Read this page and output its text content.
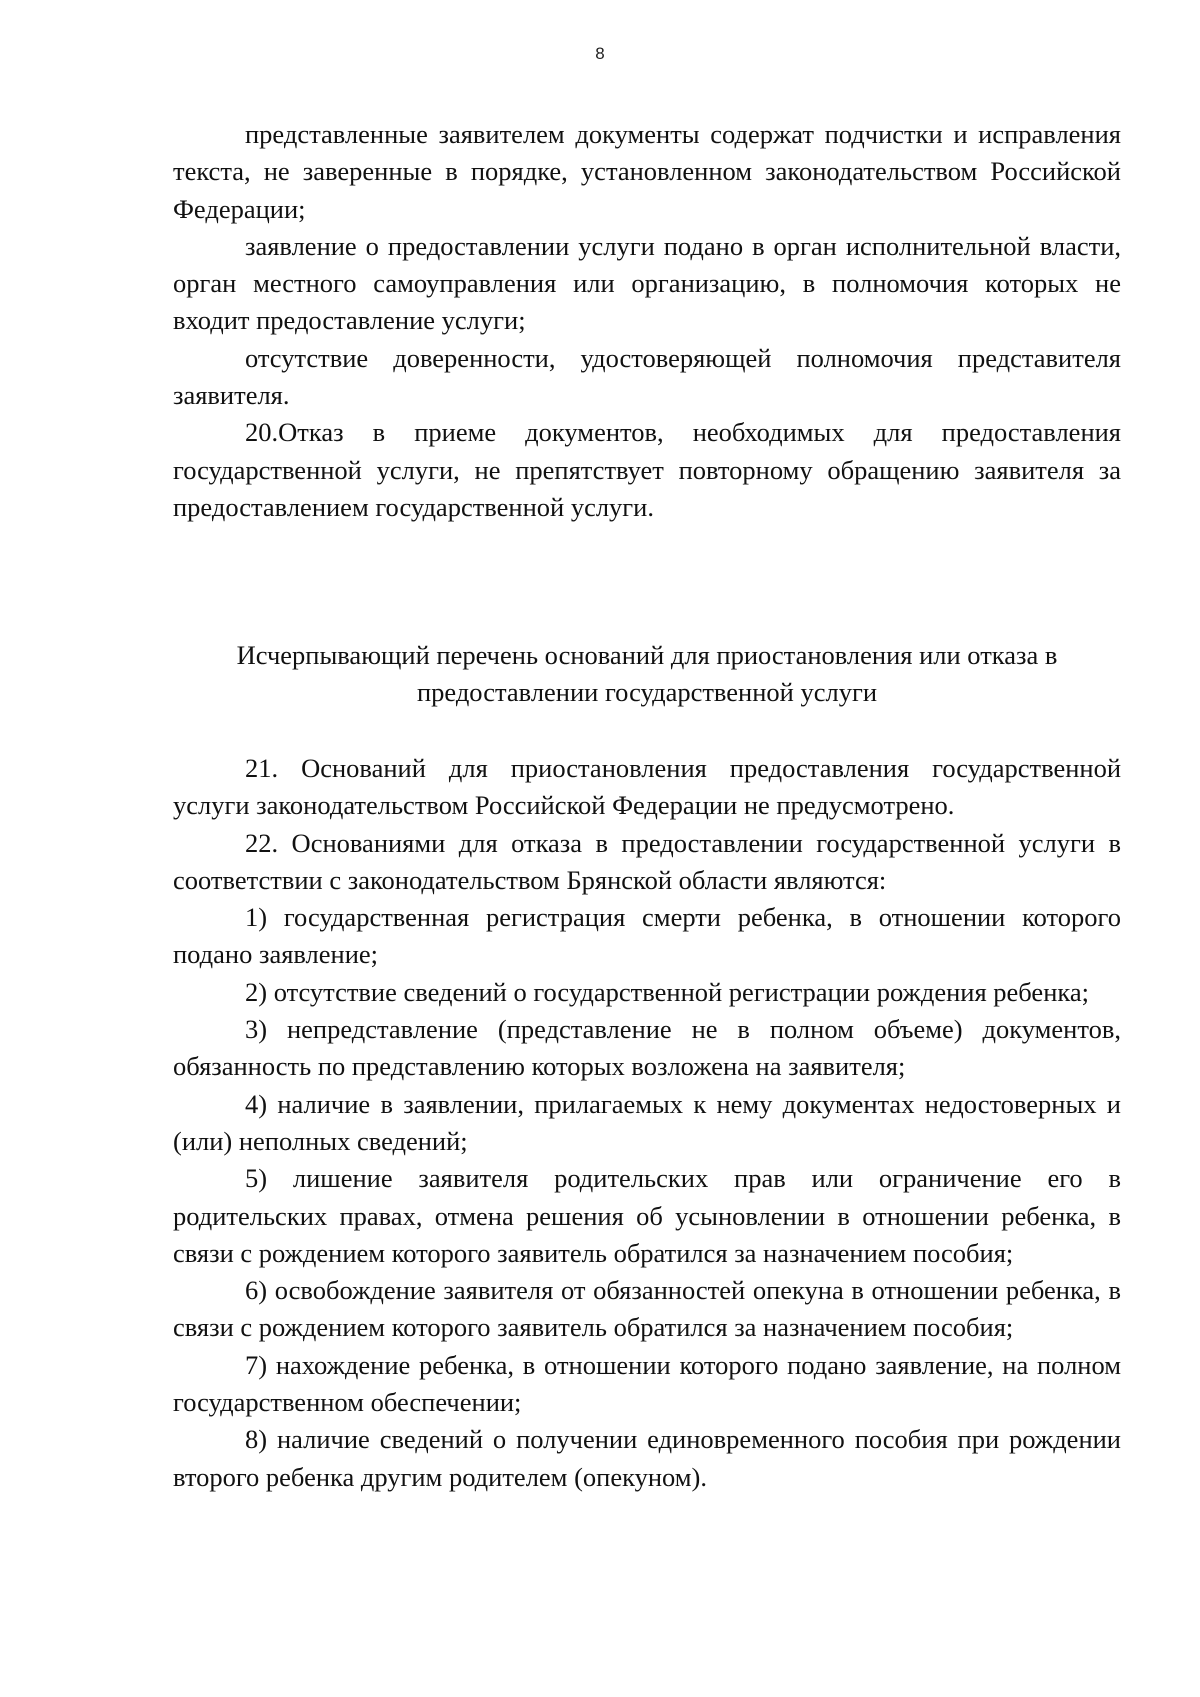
8

представленные заявителем документы содержат подчистки и исправления текста, не заверенные в порядке, установленном законодательством Российской Федерации;

заявление о предоставлении услуги подано в орган исполнительной власти, орган местного самоуправления или организацию, в полномочия которых не входит предоставление услуги;

отсутствие доверенности, удостоверяющей полномочия представителя заявителя.

20.Отказ в приеме документов, необходимых для предоставления государственной услуги, не препятствует повторному обращению заявителя за предоставлением государственной услуги.

Исчерпывающий перечень оснований для приостановления или отказа в
предоставлении государственной услуги

21. Оснований для приостановления предоставления государственной услуги законодательством Российской Федерации не предусмотрено.

22. Основаниями для отказа в предоставлении государственной услуги в соответствии с законодательством Брянской области являются:

1) государственная регистрация смерти ребенка, в отношении которого подано заявление;

2) отсутствие сведений о государственной регистрации рождения ребенка;

3) непредставление (представление не в полном объеме) документов, обязанность по представлению которых возложена на заявителя;

4) наличие в заявлении, прилагаемых к нему документах недостоверных и (или) неполных сведений;

5) лишение заявителя родительских прав или ограничение его в родительских правах, отмена решения об усыновлении в отношении ребенка, в связи с рождением которого заявитель обратился за назначением пособия;

6) освобождение заявителя от обязанностей опекуна в отношении ребенка, в связи с рождением которого заявитель обратился за назначением пособия;

7) нахождение ребенка, в отношении которого подано заявление, на полном государственном обеспечении;

8) наличие сведений о получении единовременного пособия при рождении второго ребенка другим родителем (опекуном).
